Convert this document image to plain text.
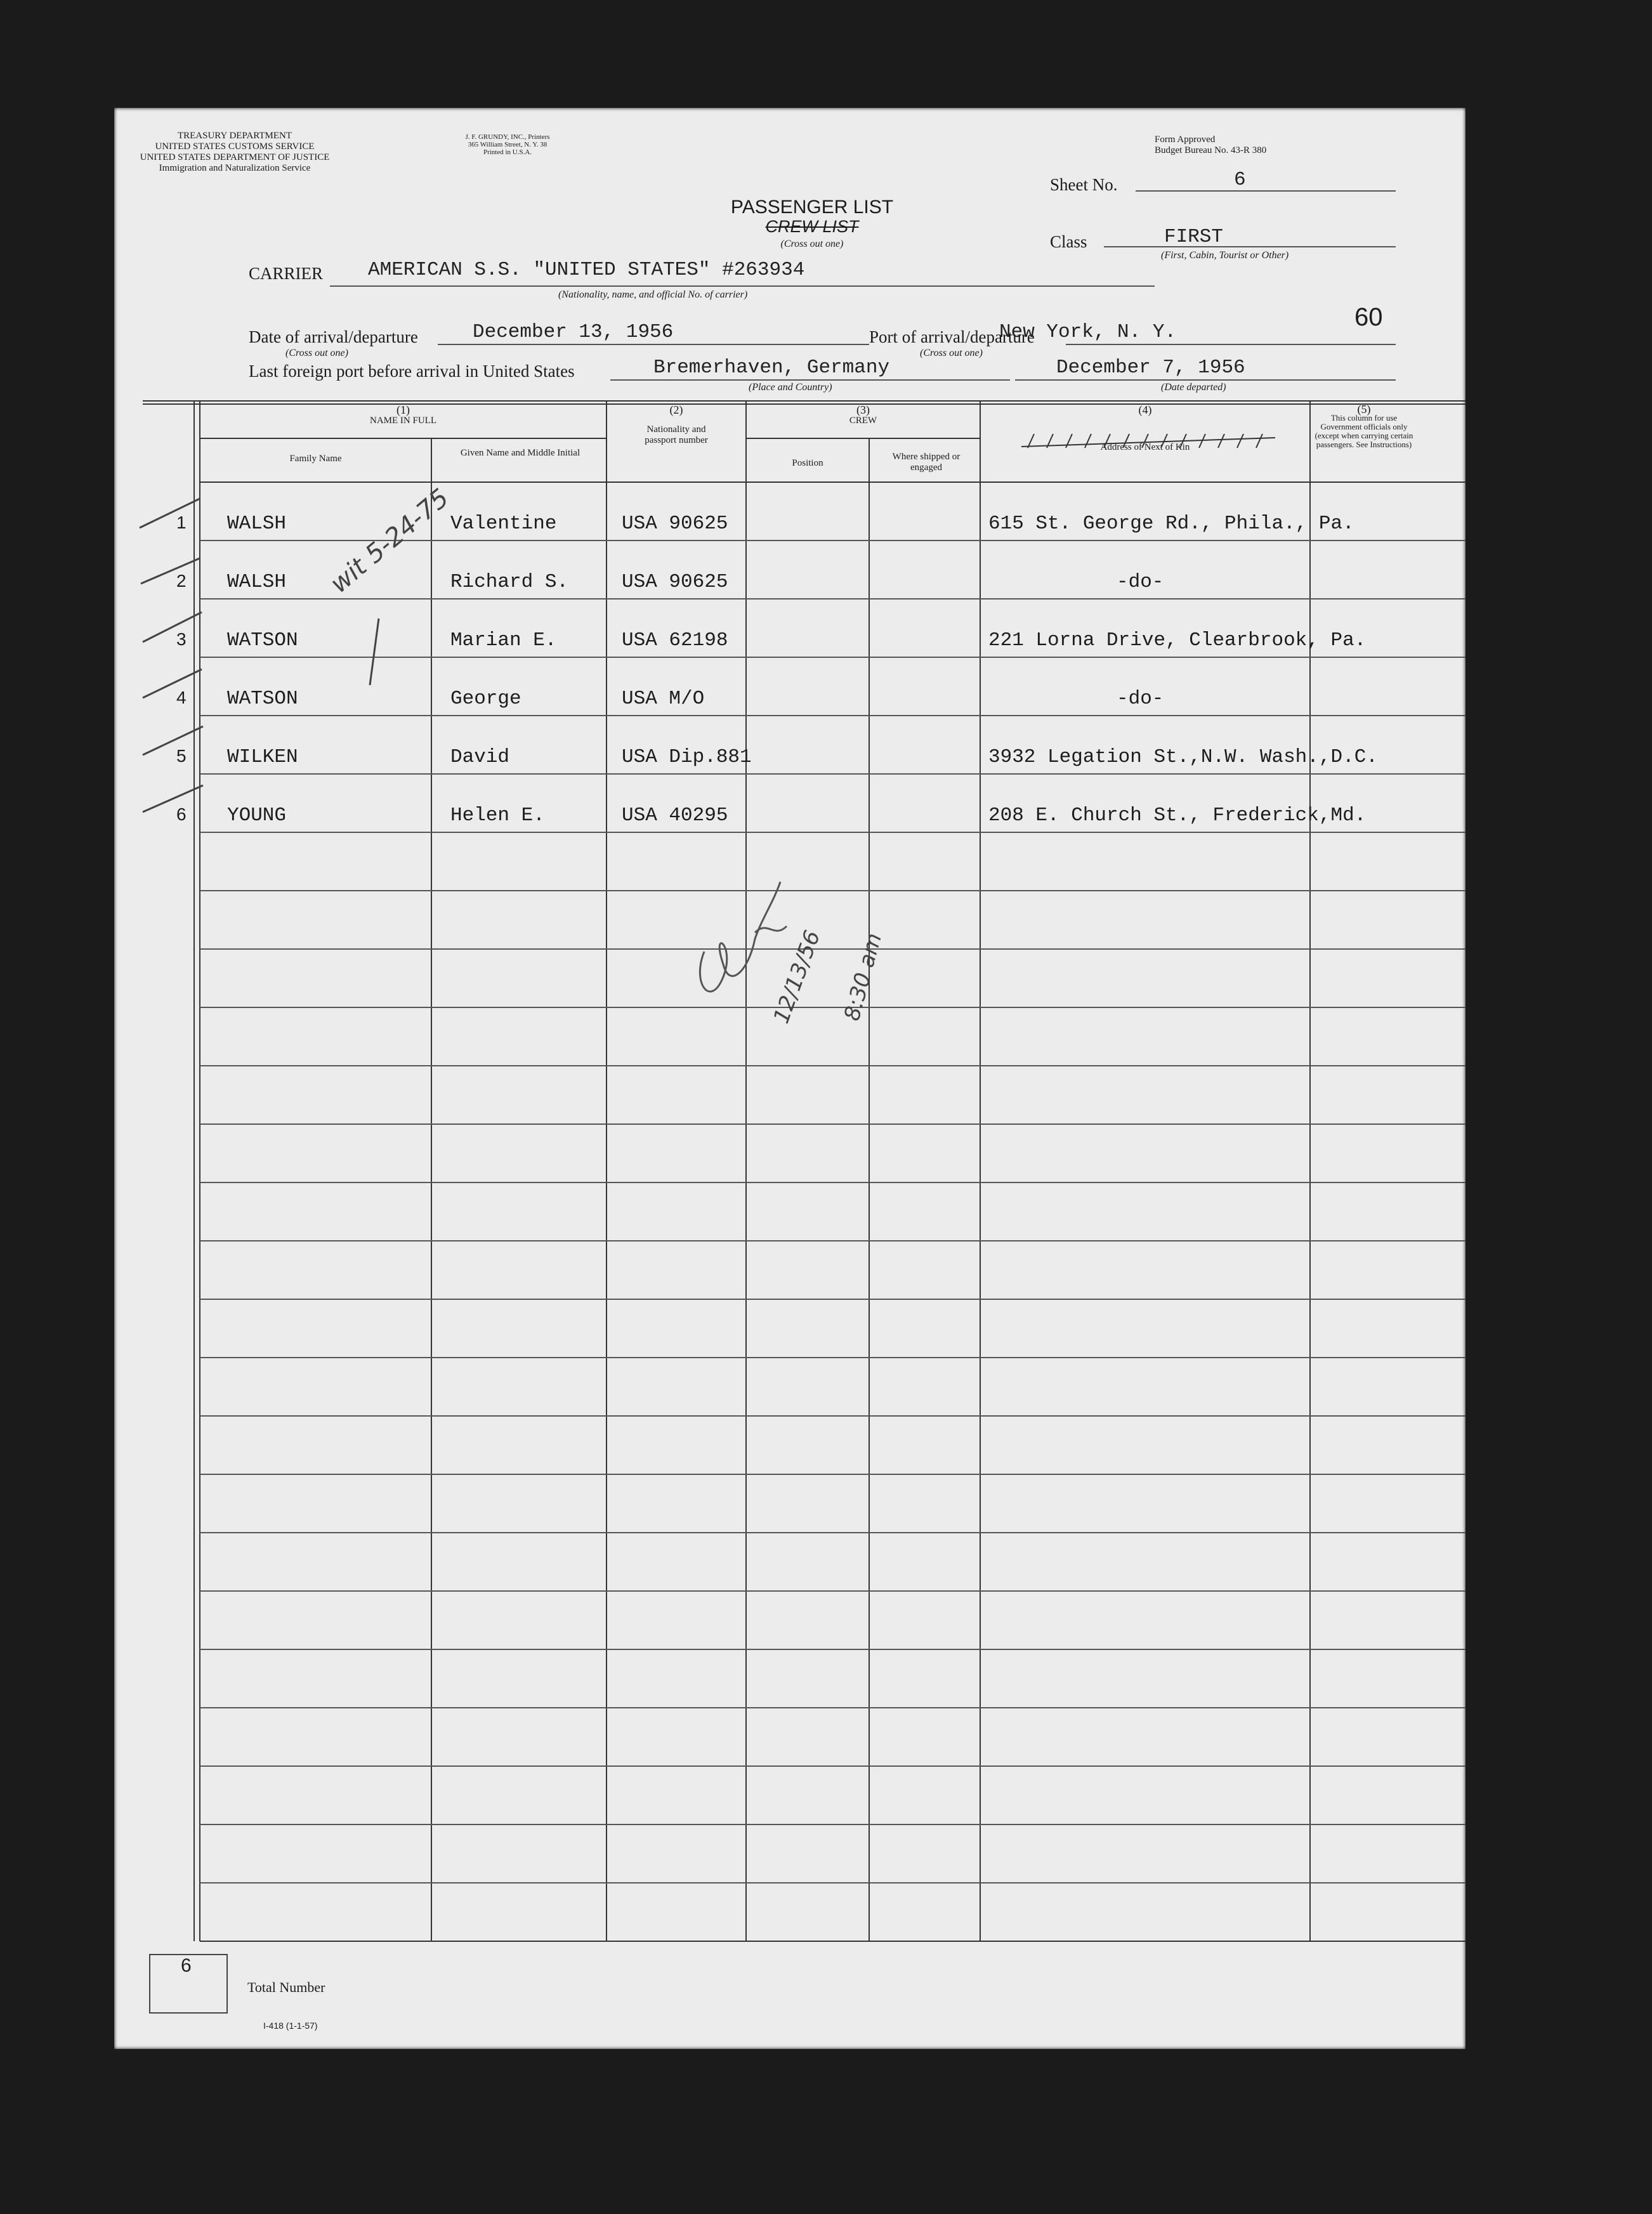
TREASURY DEPARTMENT
UNITED STATES CUSTOMS SERVICE
UNITED STATES DEPARTMENT OF JUSTICE
Immigration and Naturalization Service
J. F. GRUNDY, INC., Printers
365 William Street, N. Y. 38
Printed in U.S.A.
Form Approved
Budget Bureau No. 43-R 380
PASSENGER LIST
CREW LIST
(Cross out one)
Sheet No.	6
Class	FIRST
(First, Cabin, Tourist or Other)
CARRIER AMERICAN S.S. "UNITED STATES" #263934
(Nationality, name, and official No. of carrier)
Date of arrival/departure
(Cross out one)
December 13, 1956	Port of arrival/departure
(Cross out one)
New York, N. Y.
60
Last foreign port before arrival in United States	Bremerhaven, Germany
(Place and Country)
December 7, 1956
(Date departed)
(1)
NAME IN FULL
Family Name
Given Name and Middle Initial
(2)
Nationality and passport number
(3)
CREW
Position
Where shipped or engaged
(4)
Address of Next of Kin
(5)
This column for use Government officials only (except when carrying certain passengers. See Instructions)
1 WALSH	Valentine	USA 90625	615 St. George Rd., Phila., Pa.
2 WALSH	Richard S.	USA 90625	-do-
3 WATSON	Marian E.	USA 62198	221 Lorna Drive, Clearbrook, Pa.
4 WATSON	George	USA M/O	-do-
5 WILKEN	David	USA Dip.881	3932 Legation St.,N.W. Wash.,D.C.
6 YOUNG	Helen E.	USA 40295	208 E. Church St., Frederick,Md.
wit 5-24-75
12/13/56 8:30 am
6
Total Number
I-418 (1-1-57)
